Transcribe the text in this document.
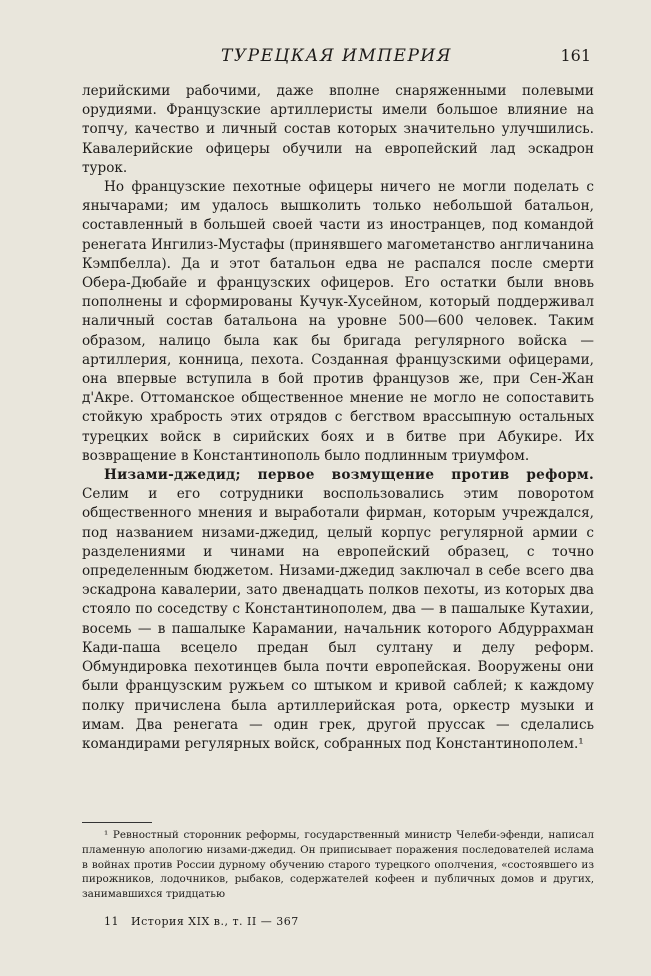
ТУРЕЦКАЯ ИМПЕРИЯ	161

лерийскими рабочими, даже вполне снаряженными полевыми орудиями. Французские артиллеристы имели большое влияние на топчу, качество и личный состав которых значительно улучшились. Кавалерийские офицеры обучили на европейский лад эскадрон турок.

Но французские пехотные офицеры ничего не могли поделать с янычарами; им удалось вышколить только небольшой батальон, составленный в большей своей части из иностранцев, под командой ренегата Ингилиз-Мустафы (принявшего магометанство англичанина Кэмпбелла). Да и этот батальон едва не распался после смерти Обера-Дюбайе и французских офицеров. Его остатки были вновь пополнены и сформированы Кучук-Хусейном, который поддерживал наличный состав батальона на уровне 500—600 человек. Таким образом, налицо была как бы бригада регулярного войска — артиллерия, конница, пехота. Созданная французскими офицерами, она впервые вступила в бой против французов же, при Сен-Жан д'Акре. Оттоманское общественное мнение не могло не сопоставить стойкую храбрость этих отрядов с бегством врассыпную остальных турецких войск в сирийских боях и в битве при Абукире. Их возвращение в Константинополь было подлинным триумфом.

Низами-джедид; первое возмущение против реформ. Селим и его сотрудники воспользовались этим поворотом общественного мнения и выработали фирман, которым учреждался, под названием низами-джедид, целый корпус регулярной армии с разделениями и чинами на европейский образец, с точно определенным бюджетом. Низами-джедид заключал в себе всего два эскадрона кавалерии, зато двенадцать полков пехоты, из которых два стояло по соседству с Константинополем, два — в пашалыке Кутахии, восемь — в пашалыке Карамании, начальник которого Абдуррахман Кади-паша всецело предан был султану и делу реформ. Обмундировка пехотинцев была почти европейская. Вооружены они были французским ружьем со штыком и кривой саблей; к каждому полку причислена была артиллерийская рота, оркестр музыки и имам. Два ренегата — один грек, другой пруссак — сделались командирами регулярных войск, собранных под Константинополем.¹

¹ Ревностный сторонник реформы, государственный министр Челеби-эфенди, написал пламенную апологию низами-джедид. Он приписывает поражения последователей ислама в войнах против России дурному обучению старого турецкого ополчения, «состоявшего из пирожников, лодочников, рыбаков, содержателей кофеен и публичных домов и других, занимавшихся тридцатью
11 История XIX в., т. II — 367
